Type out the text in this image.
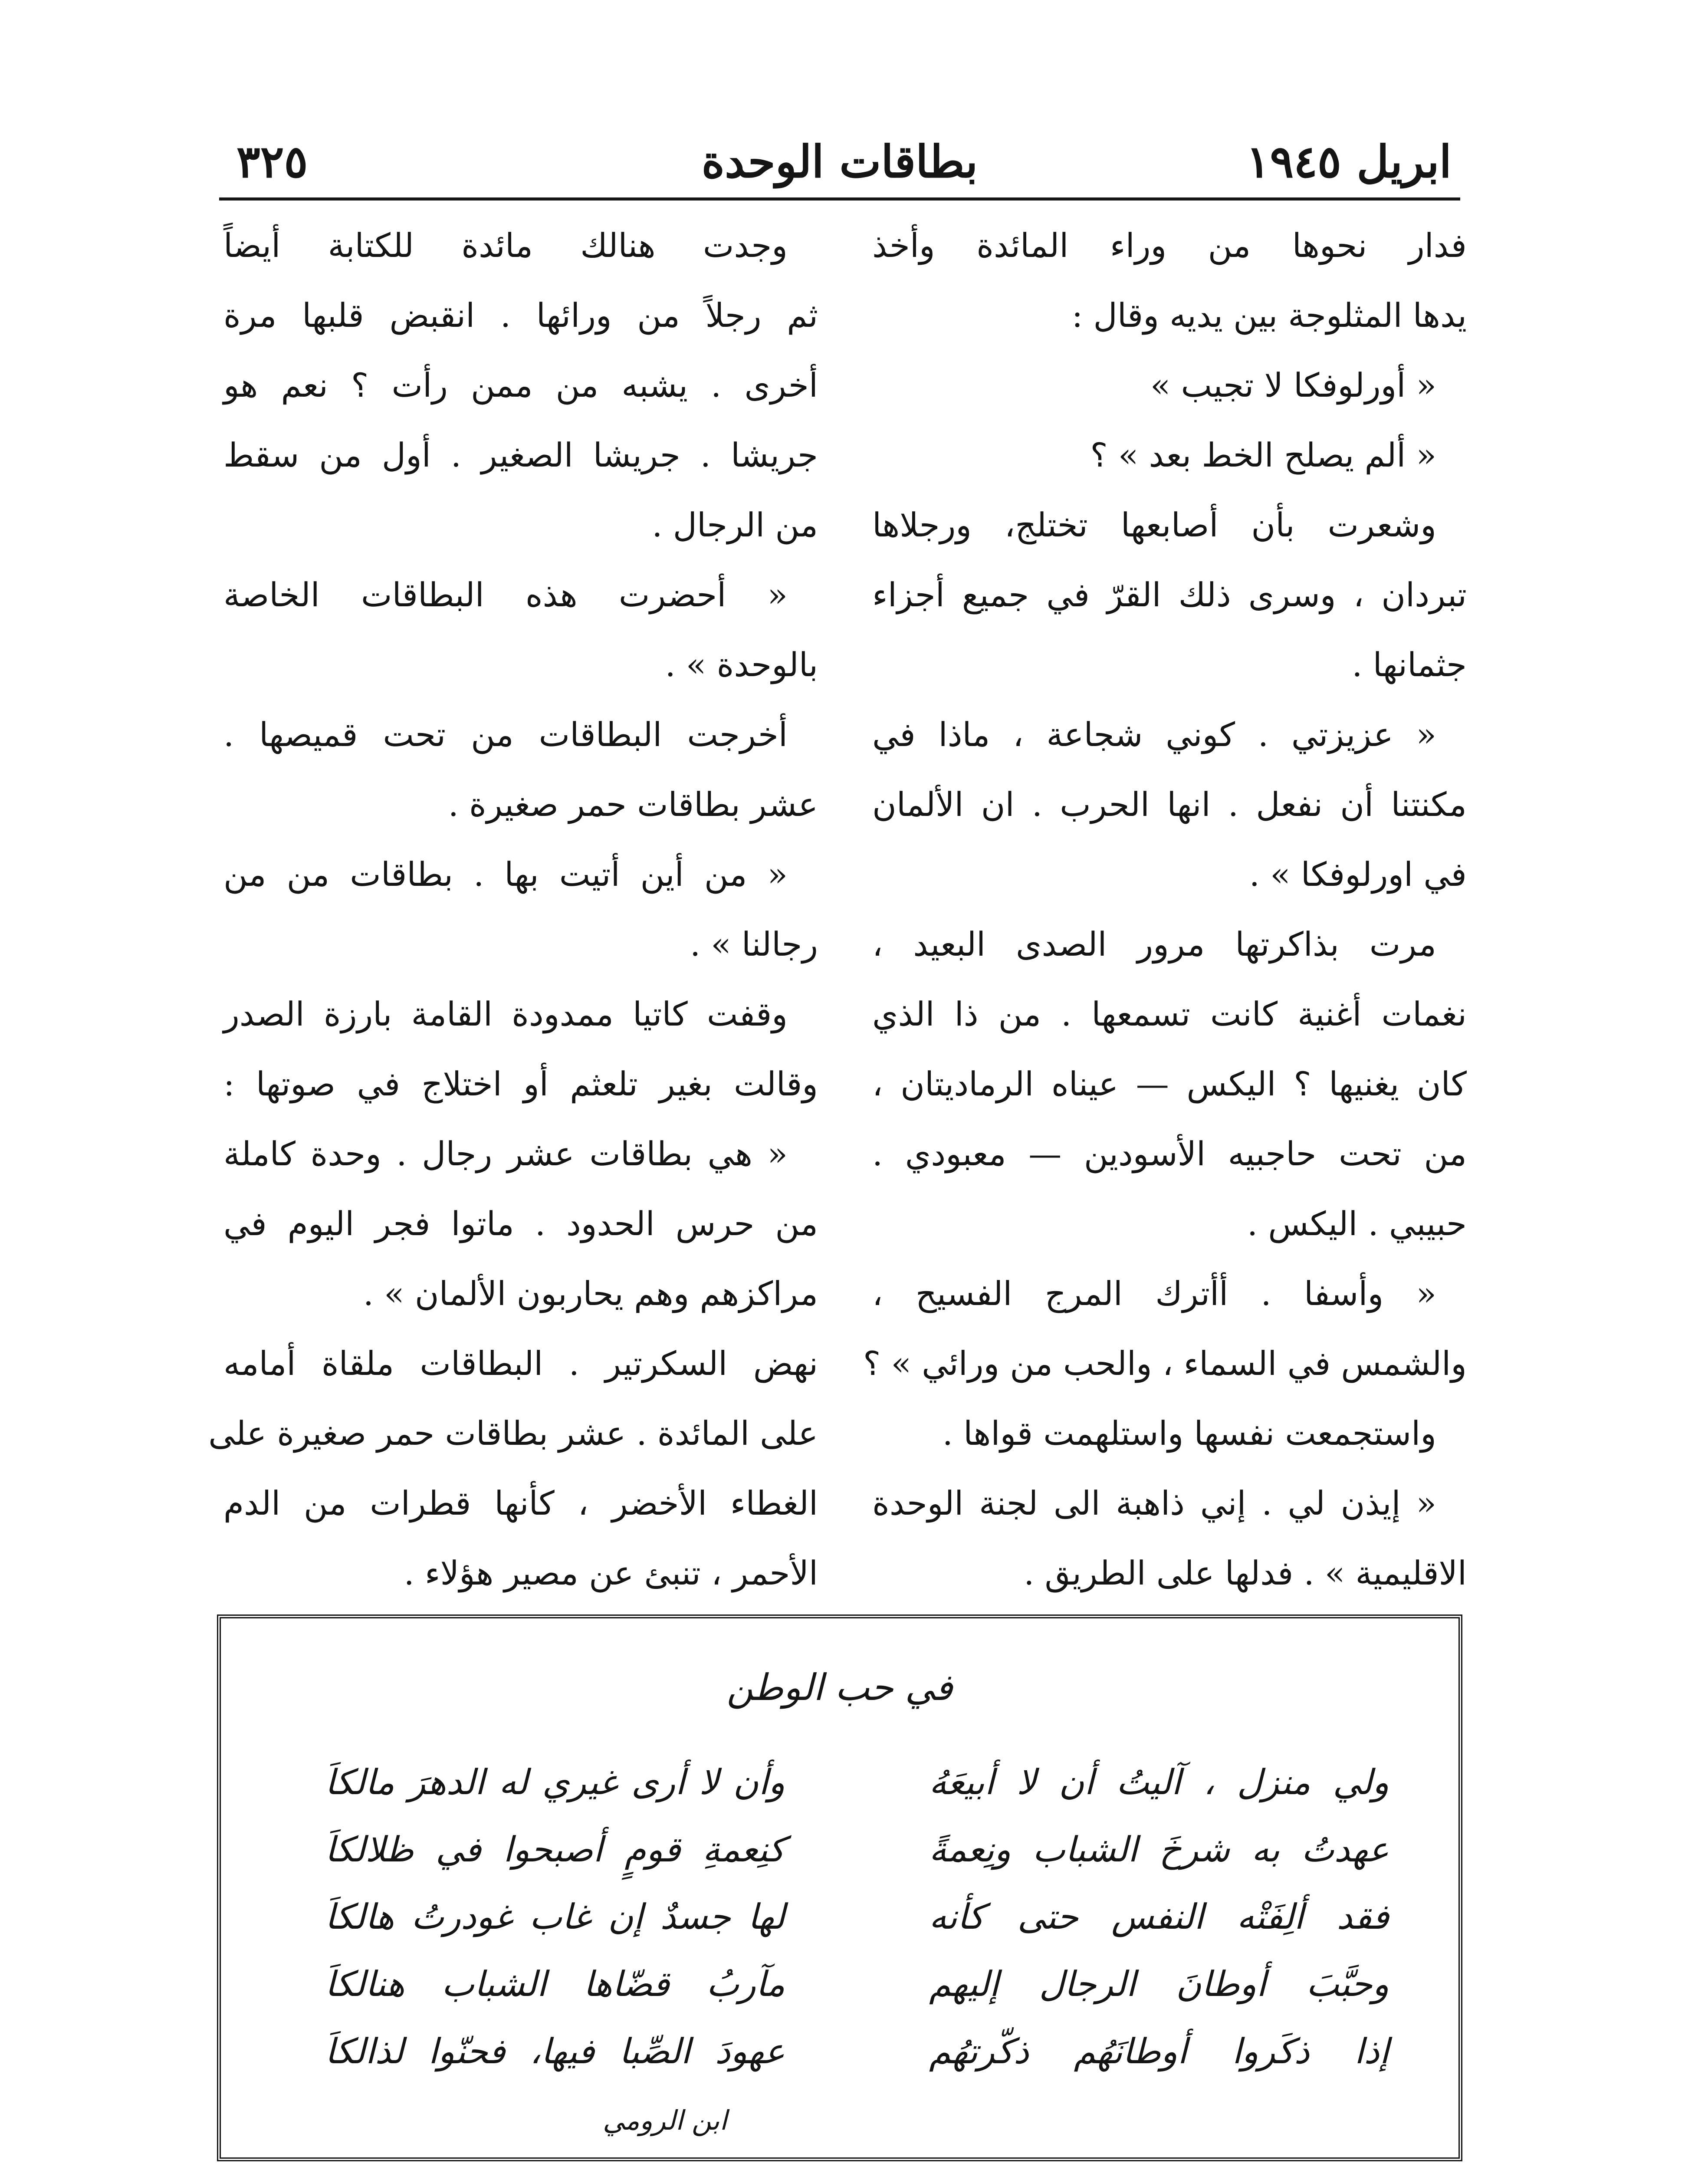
ابريل ١٩٤٥
بطاقات الوحدة
٣٢٥

فدار نحوها من وراء المائدة وأخذ

يدها المثلوجة بين يديه وقال :

« أورلوفكا لا تجيب »

« ألم يصلح الخط بعد » ؟

وشعرت بأن أصابعها تختلج، ورجلاها

تبردان ، وسرى ذلك القرّ في جميع أجزاء

جثمانها .

« عزيزتي . كوني شجاعة ، ماذا في

مكنتنا أن نفعل . انها الحرب . ان الألمان

في اورلوفكا » .

مرت بذاكرتها مرور الصدى البعيد ،

نغمات أغنية كانت تسمعها . من ذا الذي

كان يغنيها ؟ اليكس — عيناه الرماديتان ،

من تحت حاجبيه الأسودين — معبودي .

حبيبي . اليكس .

« وأسفا . أأترك المرج الفسيح ،

والشمس في السماء ، والحب من ورائي » ؟

واستجمعت نفسها واستلهمت قواها .

« إيذن لي . إني ذاهبة الى لجنة الوحدة

الاقليمية » . فدلها على الطريق .

وجدت هنالك مائدة للكتابة أيضاً

ثم رجلاً من ورائها . انقبض قلبها مرة

أخرى . يشبه من ممن رأت ؟ نعم هو

جريشا . جريشا الصغير . أول من سقط

من الرجال .

« أحضرت هذه البطاقات الخاصة

بالوحدة » .

أخرجت البطاقات من تحت قميصها .

عشر بطاقات حمر صغيرة .

« من أين أتيت بها . بطاقات من من

رجالنا » .

وقفت كاتيا ممدودة القامة بارزة الصدر

وقالت بغير تلعثم أو اختلاج في صوتها :

« هي بطاقات عشر رجال . وحدة كاملة

من حرس الحدود . ماتوا فجر اليوم في

مراكزهم وهم يحاربون الألمان » .

نهض السكرتير . البطاقات ملقاة أمامه

على المائدة . عشر بطاقات حمر صغيرة على

الغطاء الأخضر ، كأنها قطرات من الدم

الأحمر ، تنبئ عن مصير هؤلاء .

في حب الوطن
ولي منزل ، آليتُ أن لا أبيعَهُ
وأن لا أرى غيري له الدهرَ مالكاَ
عهدتُ به شرخَ الشباب ونِعمةً
كنِعمةِ قومٍ أصبحوا في ظلالكاَ
فقد ألِفَتْه النفس حتى كأنه
لها جسدٌ إن غاب غودرتُ هالكاَ
وحبَّبَ أوطانَ الرجال إليهم
مآربُ قضّاها الشباب هنالكاَ
إذا ذكَروا أوطانَهُم ذكّرتهُم
عهودَ الصِّبا فيها، فحنّوا لذالكاَ
ابن الرومي
